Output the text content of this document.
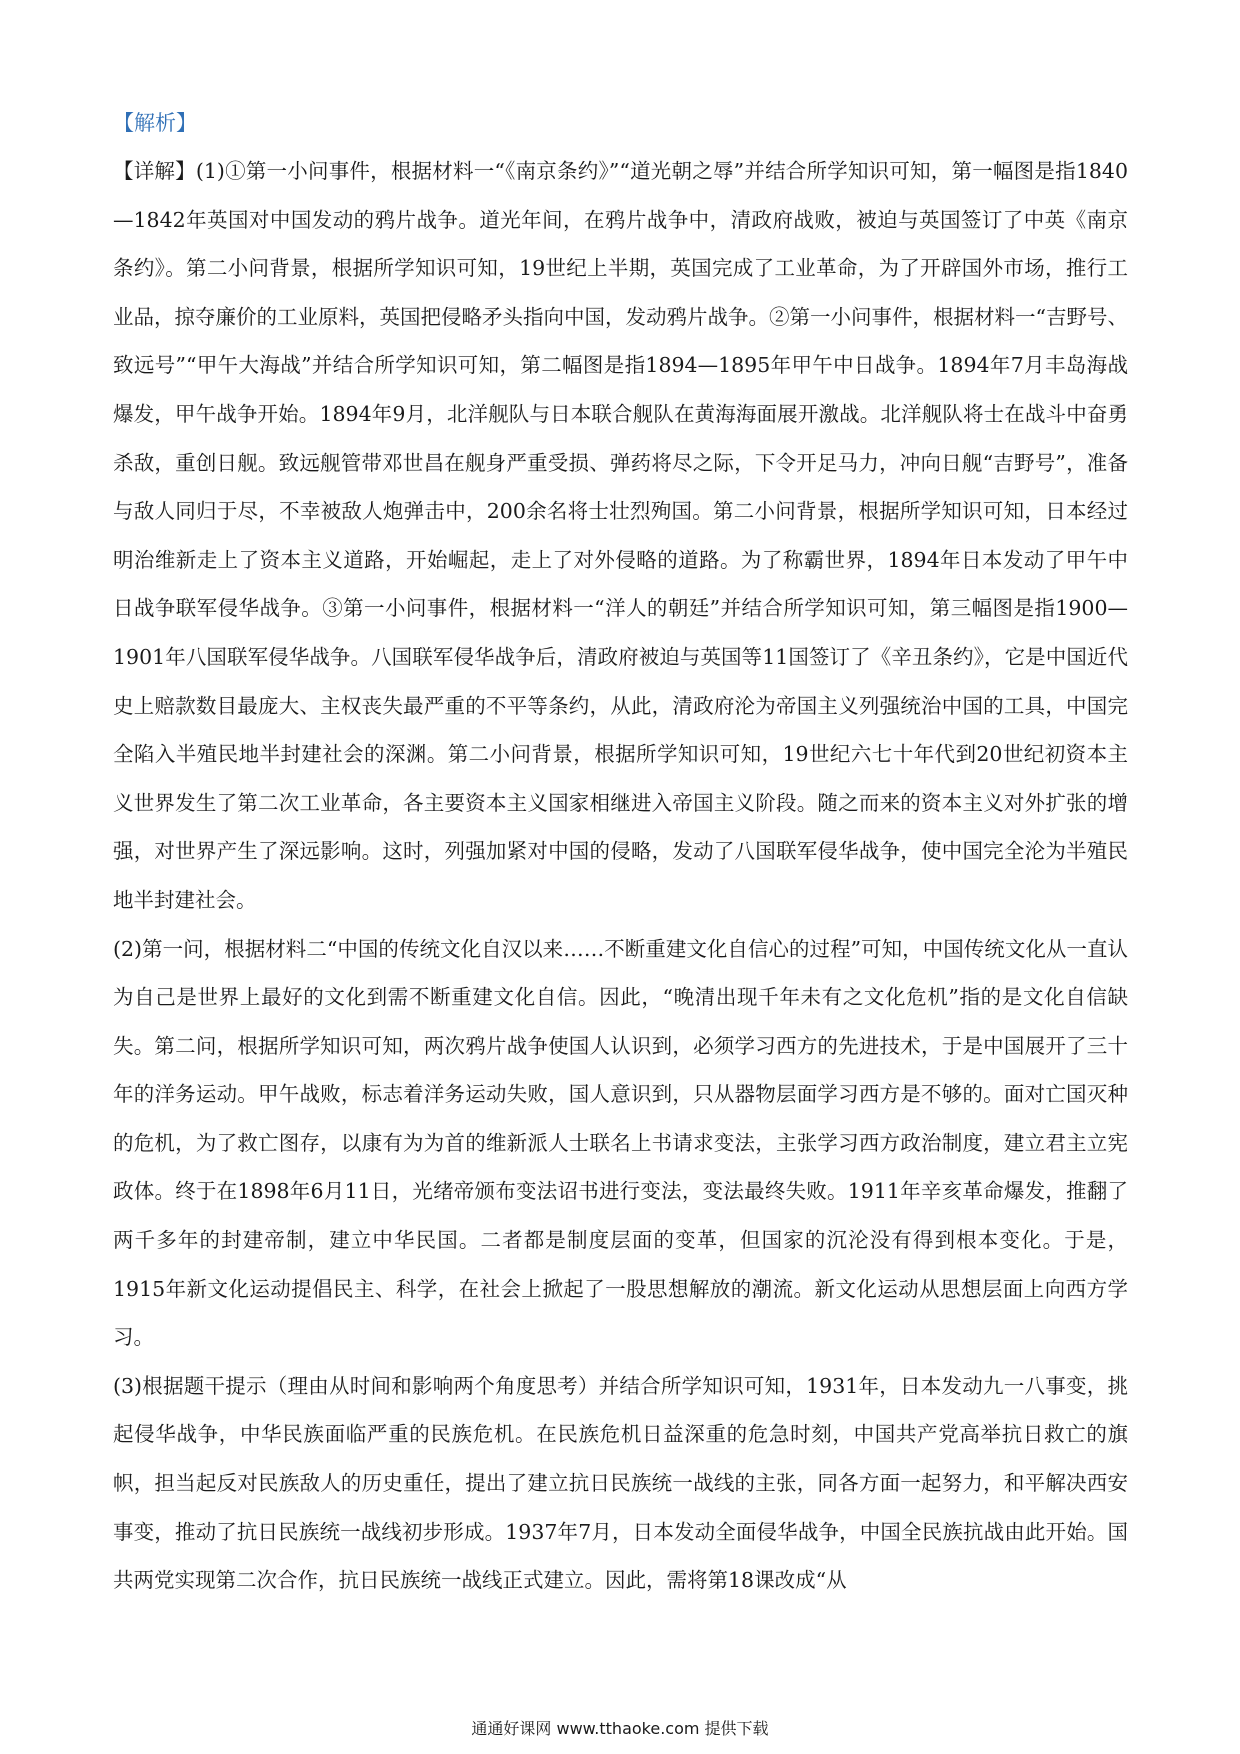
【解析】

【详解】(1)①第一小问事件，根据材料一“《南京条约》”“道光朝之辱”并结合所学知识可知，第一幅图是指1840—1842年英国对中国发动的鸦片战争。道光年间，在鸦片战争中，清政府战败，被迫与英国签订了中英《南京条约》。第二小问背景，根据所学知识可知，19世纪上半期，英国完成了工业革命，为了开辟国外市场，推行工业品，掠夺廉价的工业原料，英国把侵略矛头指向中国，发动鸦片战争。②第一小问事件，根据材料一“吉野号、致远号”“甲午大海战”并结合所学知识可知，第二幅图是指1894—1895年甲午中日战争。1894年7月丰岛海战爆发，甲午战争开始。1894年9月，北洋舰队与日本联合舰队在黄海海面展开激战。北洋舰队将士在战斗中奋勇杀敌，重创日舰。致远舰管带邓世昌在舰身严重受损、弹药将尽之际，下令开足马力，冲向日舰“吉野号”，准备与敌人同归于尽，不幸被敌人炮弹击中，200余名将士壮烈殉国。第二小问背景，根据所学知识可知，日本经过明治维新走上了资本主义道路，开始崛起，走上了对外侵略的道路。为了称霸世界，1894年日本发动了甲午中日战争联军侵华战争。③第一小问事件，根据材料一“洋人的朝廷”并结合所学知识可知，第三幅图是指1900—1901年八国联军侵华战争。八国联军侵华战争后，清政府被迫与英国等11国签订了《辛丑条约》，它是中国近代史上赔款数目最庞大、主权丧失最严重的不平等条约，从此，清政府沦为帝国主义列强统治中国的工具，中国完全陷入半殖民地半封建社会的深渊。第二小问背景，根据所学知识可知，19世纪六七十年代到20世纪初资本主义世界发生了第二次工业革命，各主要资本主义国家相继进入帝国主义阶段。随之而来的资本主义对外扩张的增强，对世界产生了深远影响。这时，列强加紧对中国的侵略，发动了八国联军侵华战争，使中国完全沦为半殖民地半封建社会。

(2)第一问，根据材料二“中国的传统文化自汉以来……不断重建文化自信心的过程”可知，中国传统文化从一直认为自己是世界上最好的文化到需不断重建文化自信。因此，“晚清出现千年未有之文化危机”指的是文化自信缺失。第二问，根据所学知识可知，两次鸦片战争使国人认识到，必须学习西方的先进技术，于是中国展开了三十年的洋务运动。甲午战败，标志着洋务运动失败，国人意识到，只从器物层面学习西方是不够的。面对亡国灭种的危机，为了救亡图存，以康有为为首的维新派人士联名上书请求变法，主张学习西方政治制度，建立君主立宪政体。终于在1898年6月11日，光绪帝颁布变法诏书进行变法，变法最终失败。1911年辛亥革命爆发，推翻了两千多年的封建帝制，建立中华民国。二者都是制度层面的变革，但国家的沉沦没有得到根本变化。于是，1915年新文化运动提倡民主、科学，在社会上掀起了一股思想解放的潮流。新文化运动从思想层面上向西方学习。

(3)根据题干提示（理由从时间和影响两个角度思考）并结合所学知识可知，1931年，日本发动九一八事变，挑起侵华战争，中华民族面临严重的民族危机。在民族危机日益深重的危急时刻，中国共产党高举抗日救亡的旗帜，担当起反对民族敌人的历史重任，提出了建立抗日民族统一战线的主张，同各方面一起努力，和平解决西安事变，推动了抗日民族统一战线初步形成。1937年7月，日本发动全面侵华战争，中国全民族抗战由此开始。国共两党实现第二次合作，抗日民族统一战线正式建立。因此，需将第18课改成“从

通通好课网 www.tthaoke.com 提供下载
